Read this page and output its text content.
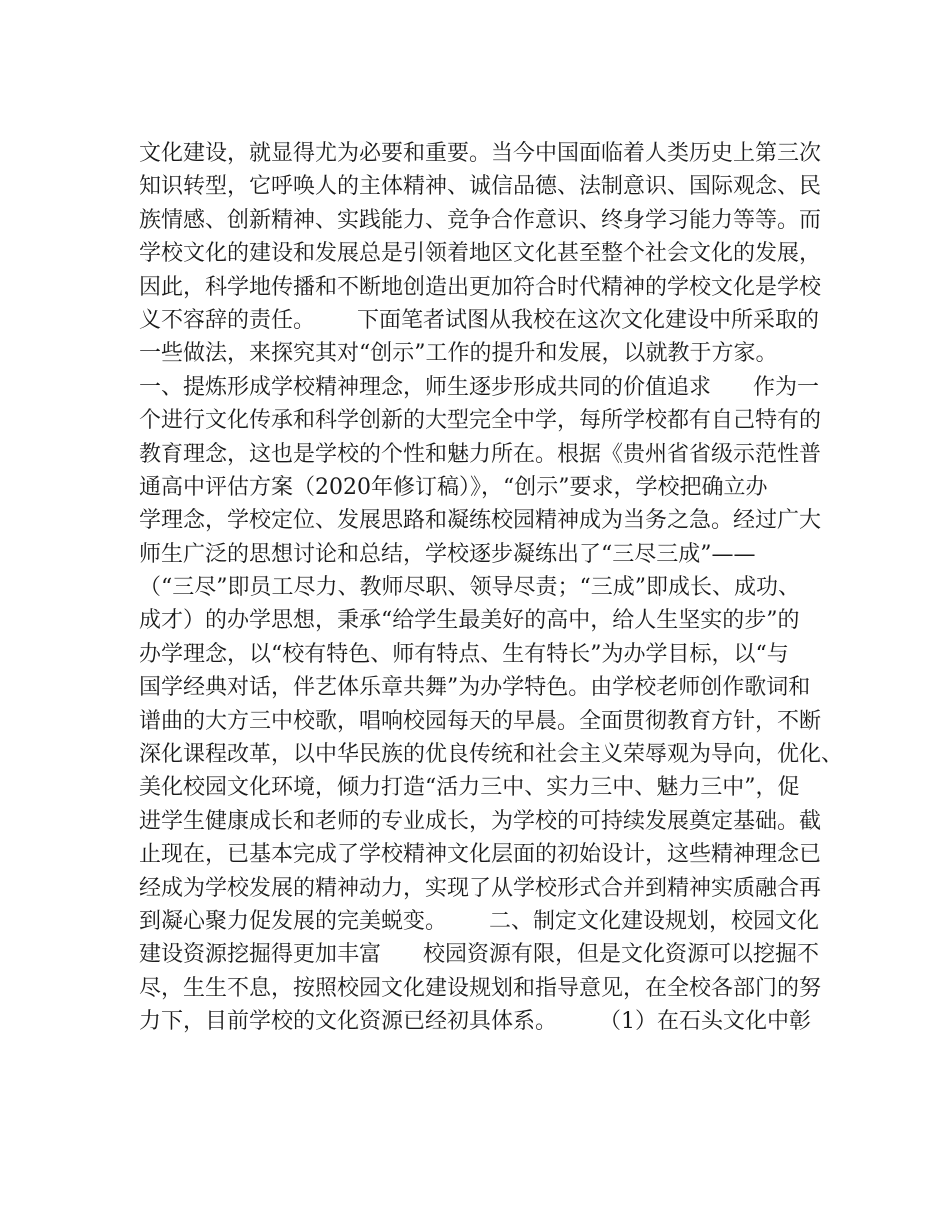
文化建设，就显得尤为必要和重要。当今中国面临着人类历史上第三次
知识转型，它呼唤人的主体精神、诚信品德、法制意识、国际观念、民
族情感、创新精神、实践能力、竞争合作意识、终身学习能力等等。而
学校文化的建设和发展总是引领着地区文化甚至整个社会文化的发展，
因此，科学地传播和不断地创造出更加符合时代精神的学校文化是学校
义不容辞的责任。      下面笔者试图从我校在这次文化建设中所采取的
一些做法，来探究其对“创示”工作的提升和发展，以就教于方家。
一、提炼形成学校精神理念，师生逐步形成共同的价值追求      作为一
个进行文化传承和科学创新的大型完全中学，每所学校都有自己特有的
教育理念，这也是学校的个性和魅力所在。根据《贵州省省级示范性普
通高中评估方案（2020年修订稿）》，“创示”要求，学校把确立办
学理念，学校定位、发展思路和凝练校园精神成为当务之急。经过广大
师生广泛的思想讨论和总结，学校逐步凝练出了“三尽三成”——
（“三尽”即员工尽力、教师尽职、领导尽责；“三成”即成长、成功、
成才）的办学思想，秉承“给学生最美好的高中，给人生坚实的步”的
办学理念，以“校有特色、师有特点、生有特长”为办学目标，以“与
国学经典对话，伴艺体乐章共舞”为办学特色。由学校老师创作歌词和
谱曲的大方三中校歌，唱响校园每天的早晨。全面贯彻教育方针，不断
深化课程改革，以中华民族的优良传统和社会主义荣辱观为导向，优化、
美化校园文化环境，倾力打造“活力三中、实力三中、魅力三中”，促
进学生健康成长和老师的专业成长，为学校的可持续发展奠定基础。截
止现在，已基本完成了学校精神文化层面的初始设计，这些精神理念已
经成为学校发展的精神动力，实现了从学校形式合并到精神实质融合再
到凝心聚力促发展的完美蜕变。      二、制定文化建设规划，校园文化
建设资源挖掘得更加丰富      校园资源有限，但是文化资源可以挖掘不
尽，生生不息，按照校园文化建设规划和指导意见，在全校各部门的努
力下，目前学校的文化资源已经初具体系。      （1）在石头文化中彰
